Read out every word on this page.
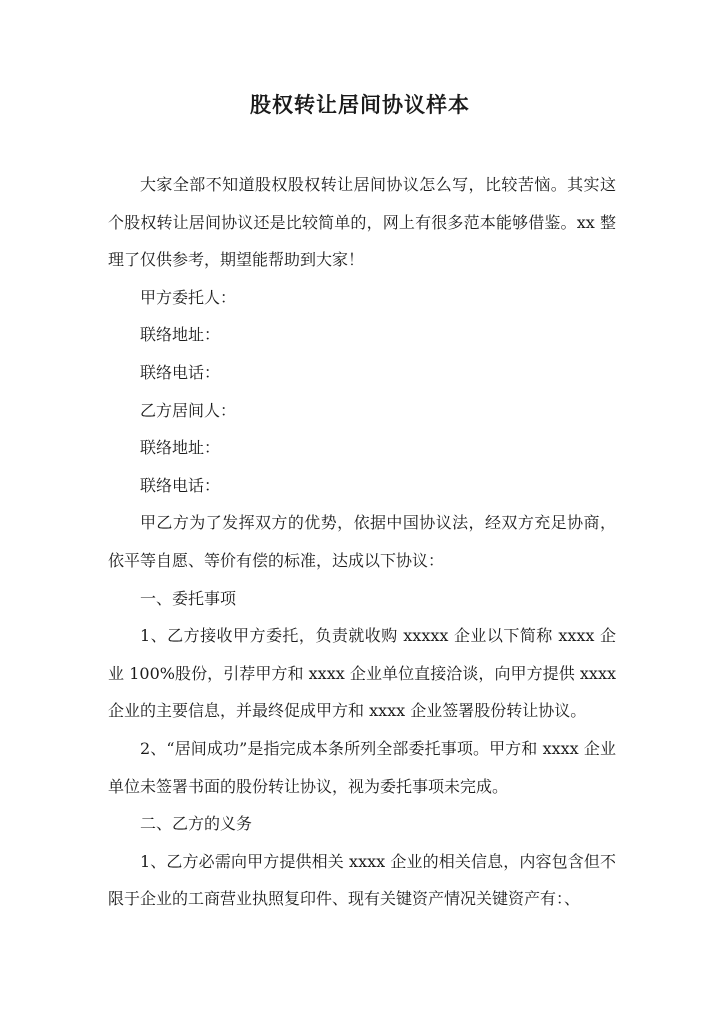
股权转让居间协议样本

大家全部不知道股权股权转让居间协议怎么写，比较苦恼。其实这个股权转让居间协议还是比较简单的，网上有很多范本能够借鉴。xx 整理了仅供参考，期望能帮助到大家！

甲方委托人：

联络地址：

联络电话：

乙方居间人：

联络地址：

联络电话：

甲乙方为了发挥双方的优势，依据中国协议法，经双方充足协商，依平等自愿、等价有偿的标准，达成以下协议：

一、委托事项

1、乙方接收甲方委托，负责就收购 xxxxx 企业以下简称 xxxx 企业 100%股份，引荐甲方和 xxxx 企业单位直接洽谈，向甲方提供 xxxx 企业的主要信息，并最终促成甲方和 xxxx 企业签署股份转让协议。

2、“居间成功”是指完成本条所列全部委托事项。甲方和 xxxx 企业单位未签署书面的股份转让协议，视为委托事项未完成。

二、乙方的义务

1、乙方必需向甲方提供相关 xxxx 企业的相关信息，内容包含但不限于企业的工商营业执照复印件、现有关键资产情况关键资产有：、
